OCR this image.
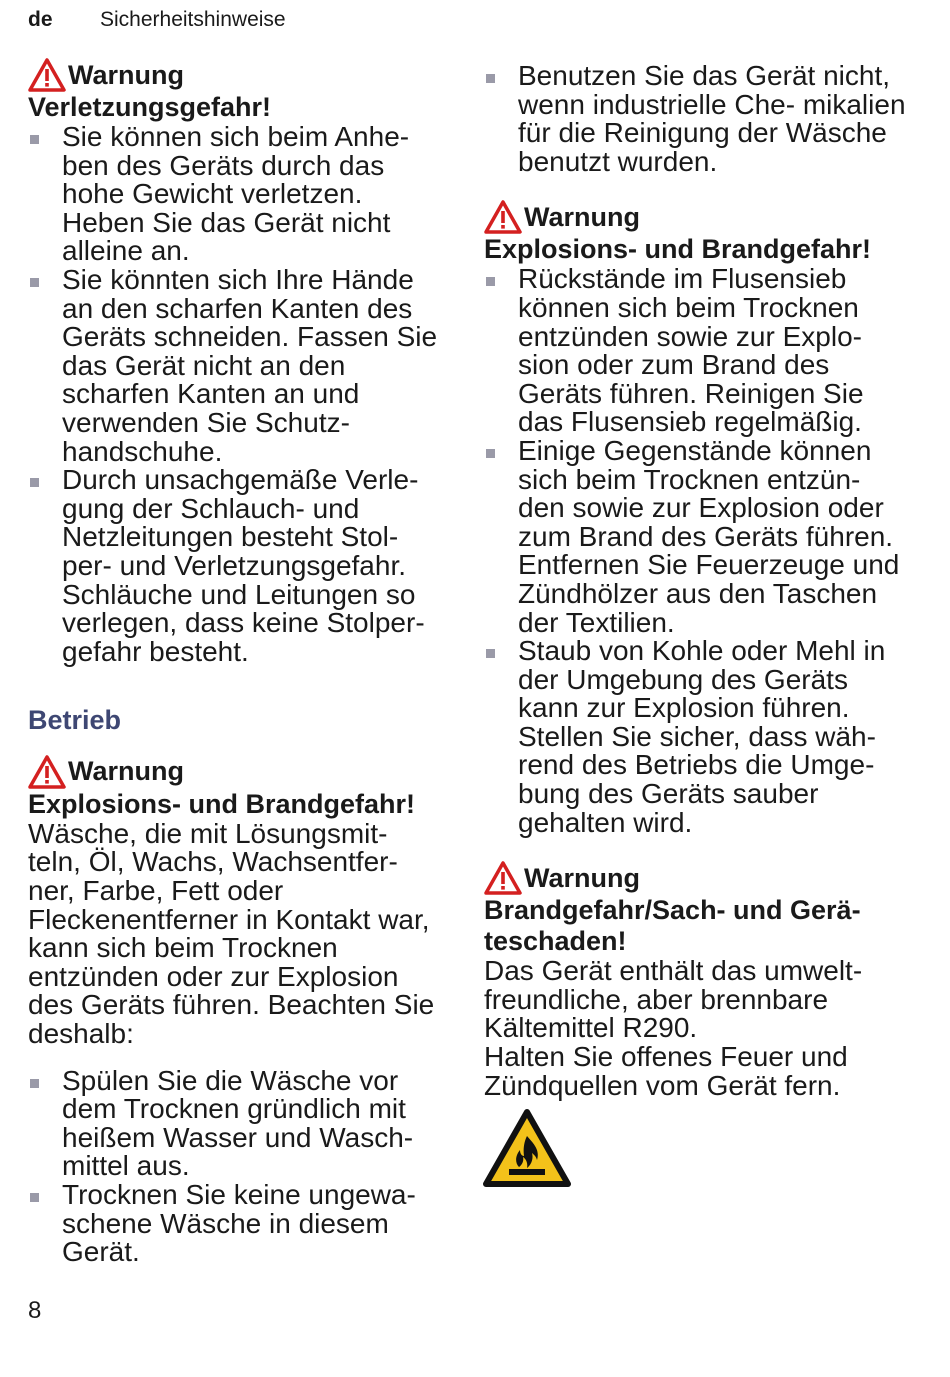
de Sicherheitshinweise
Warnung
Verletzungsgefahr!
Sie können sich beim Anhe- ben des Geräts durch das hohe Gewicht verletzen. Heben Sie das Gerät nicht alleine an.
Sie könnten sich Ihre Hände an den scharfen Kanten des Geräts schneiden. Fassen Sie das Gerät nicht an den scharfen Kanten an und verwenden Sie Schutz- handschuhe.
Durch unsachgemäße Verle- gung der Schlauch- und Netzleitungen besteht Stol- per- und Verletzungsgefahr. Schläuche und Leitungen so verlegen, dass keine Stolper- gefahr besteht.
Betrieb
Warnung
Explosions- und Brandgefahr!

Wäsche, die mit Lösungsmit- teln, Öl, Wachs, Wachsentfer- ner, Farbe, Fett oder Fleckenentferner in Kontakt war, kann sich beim Trocknen entzünden oder zur Explosion des Geräts führen. Beachten Sie deshalb:

Spülen Sie die Wäsche vor dem Trocknen gründlich mit heißem Wasser und Wasch- mittel aus.
Trocknen Sie keine ungewa- schene Wäsche in diesem Gerät.
Benutzen Sie das Gerät nicht, wenn industrielle Che- mikalien für die Reinigung der Wäsche benutzt wurden.
Warnung
Explosions- und Brandgefahr!
Rückstände im Flusensieb können sich beim Trocknen entzünden sowie zur Explo- sion oder zum Brand des Geräts führen. Reinigen Sie das Flusensieb regelmäßig.
Einige Gegenstände können sich beim Trocknen entzün- den sowie zur Explosion oder zum Brand des Geräts führen. Entfernen Sie Feuerzeuge und Zündhölzer aus den Taschen der Textilien.
Staub von Kohle oder Mehl in der Umgebung des Geräts kann zur Explosion führen. Stellen Sie sicher, dass wäh- rend des Betriebs die Umge- bung des Geräts sauber gehalten wird.
Warnung
Brandgefahr/Sach- und Gerä- teschaden!

Das Gerät enthält das umwelt- freundliche, aber brennbare Kältemittel R290.

Halten Sie offenes Feuer und Zündquellen vom Gerät fern.

8
